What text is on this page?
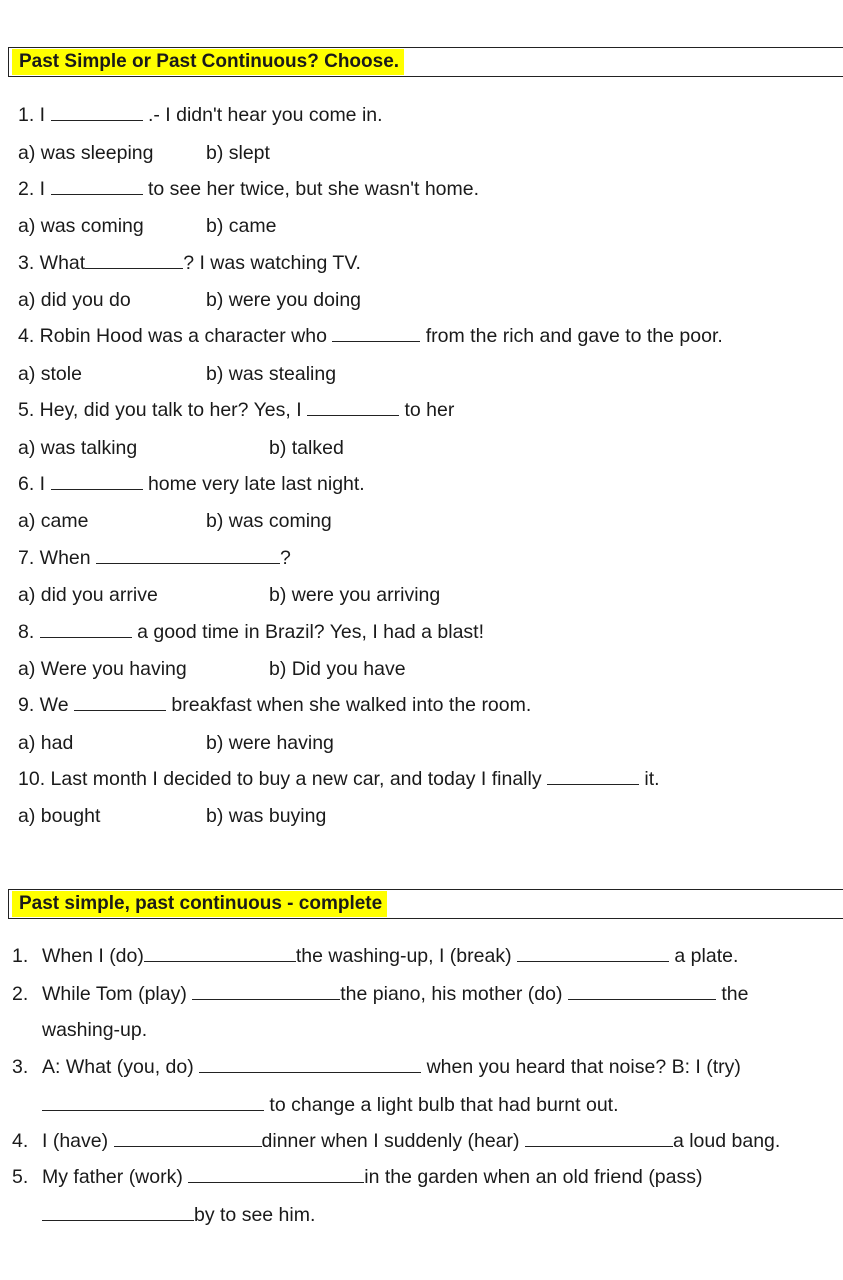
Past Simple or Past Continuous? Choose.
1. I	.- I didn't hear you come in.
a) was sleeping	b) slept
2. I	to see her twice, but she wasn't home.
a) was coming	b) came
3. What	? I was watching TV.
a) did you do	b) were you doing
4. Robin Hood was a character who	from the rich and gave to the poor.
a) stole	b) was stealing
5. Hey, did you talk to her? Yes, I	to her
a) was talking	b) talked
6. I	home very late last night.
a) came	b) was coming
7. When	?
a) did you arrive	b) were you arriving
8.	a good time in Brazil? Yes, I had a blast!
a) Were you having	b) Did you have
9. We	breakfast when she walked into the room.
a) had	b) were having
10. Last month I decided to buy a new car, and today I finally	it.
a) bought	b) was buying
Past simple, past continuous - complete
1. When I (do)	the washing-up, I (break)	a plate.
2. While Tom (play)	the piano, his mother (do)	the
washing-up.
3. A: What (you, do)	when you heard that noise? B: I (try)
to change a light bulb that had burnt out.
4. I (have)	dinner when I suddenly (hear)	a loud bang.
5. My father (work)	in the garden when an old friend (pass)
by to see him.
